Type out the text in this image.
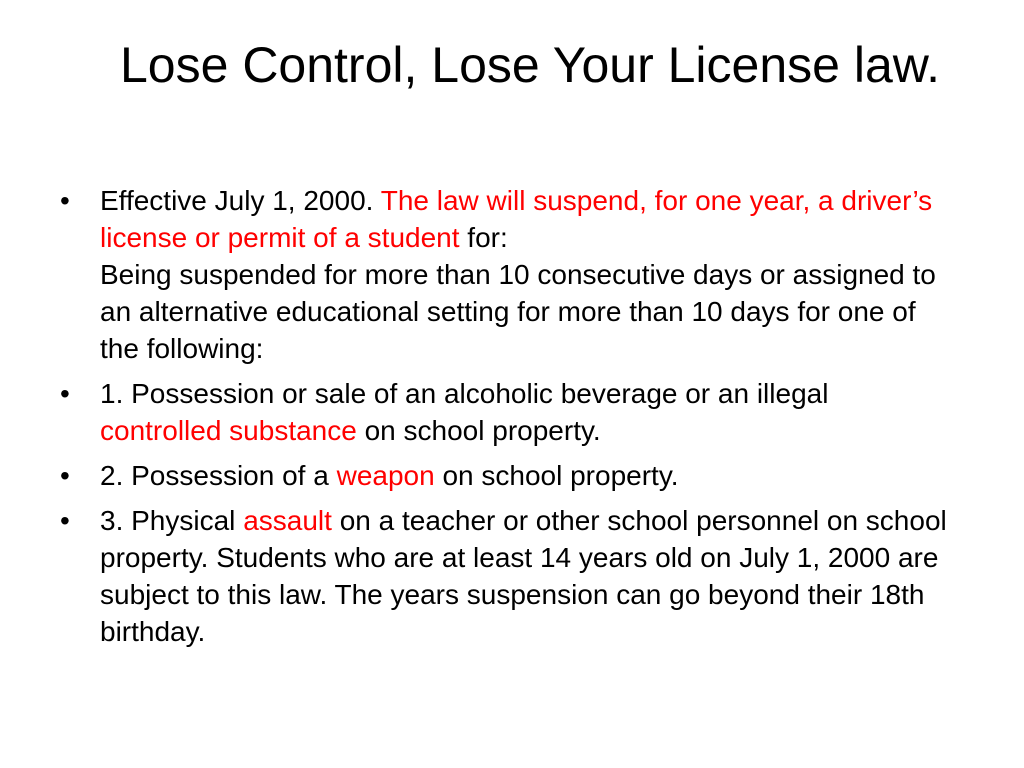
Lose Control, Lose Your License law.
• Effective July 1, 2000. The law will suspend, for one year, a driver’s license or permit of a student for:
Being suspended for more than 10 consecutive days or assigned to an alternative educational setting for more than 10 days for one of the following:
• 1. Possession or sale of an alcoholic beverage or an illegal controlled substance on school property.
• 2. Possession of a weapon on school property.
• 3. Physical assault on a teacher or other school personnel on school property. Students who are at least 14 years old on July 1, 2000 are subject to this law. The years suspension can go beyond their 18th birthday.
